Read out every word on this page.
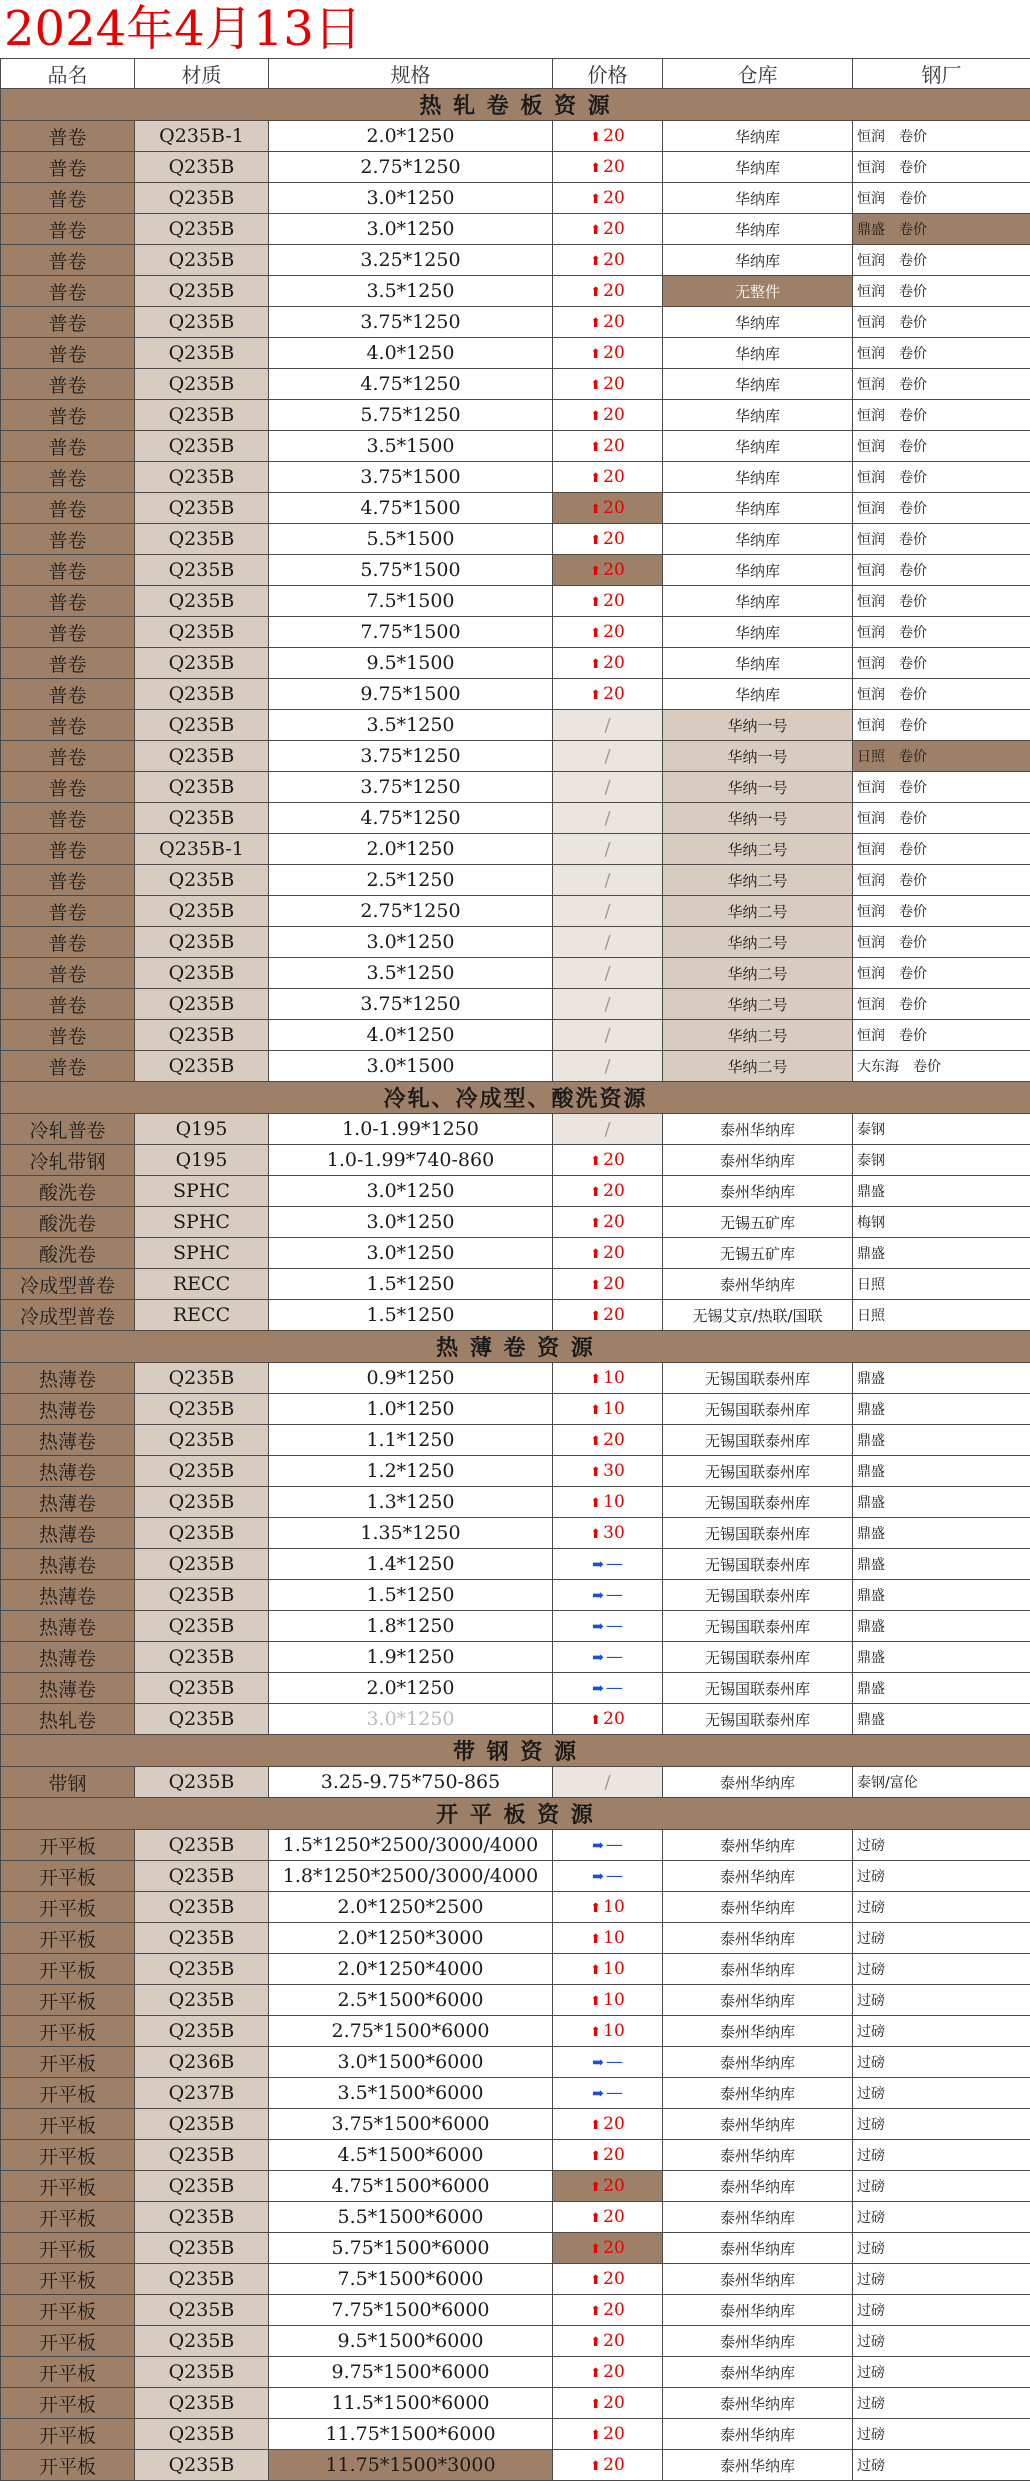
2024年4月13日
品名	材质	规格	价格	仓库	钢厂
热 轧 卷 板 资 源					
普卷	Q235B-1	2.0*1250	⬆ 20	华纳库	恒润 卷价
普卷	Q235B	2.75*1250	⬆ 20	华纳库	恒润 卷价
普卷	Q235B	3.0*1250	⬆ 20	华纳库	恒润 卷价
普卷	Q235B	3.0*1250	⬆ 20	华纳库	鼎盛 卷价
普卷	Q235B	3.25*1250	⬆ 20	华纳库	恒润 卷价
普卷	Q235B	3.5*1250	⬆ 20	无整件	恒润 卷价
普卷	Q235B	3.75*1250	⬆ 20	华纳库	恒润 卷价
普卷	Q235B	4.0*1250	⬆ 20	华纳库	恒润 卷价
普卷	Q235B	4.75*1250	⬆ 20	华纳库	恒润 卷价
普卷	Q235B	5.75*1250	⬆ 20	华纳库	恒润 卷价
普卷	Q235B	3.5*1500	⬆ 20	华纳库	恒润 卷价
普卷	Q235B	3.75*1500	⬆ 20	华纳库	恒润 卷价
普卷	Q235B	4.75*1500	⬆ 20	华纳库	恒润 卷价
普卷	Q235B	5.5*1500	⬆ 20	华纳库	恒润 卷价
普卷	Q235B	5.75*1500	⬆ 20	华纳库	恒润 卷价
普卷	Q235B	7.5*1500	⬆ 20	华纳库	恒润 卷价
普卷	Q235B	7.75*1500	⬆ 20	华纳库	恒润 卷价
普卷	Q235B	9.5*1500	⬆ 20	华纳库	恒润 卷价
普卷	Q235B	9.75*1500	⬆ 20	华纳库	恒润 卷价
普卷	Q235B	3.5*1250	/	华纳一号	恒润 卷价
普卷	Q235B	3.75*1250	/	华纳一号	日照 卷价
普卷	Q235B	3.75*1250	/	华纳一号	恒润 卷价
普卷	Q235B	4.75*1250	/	华纳一号	恒润 卷价
普卷	Q235B-1	2.0*1250	/	华纳二号	恒润 卷价
普卷	Q235B	2.5*1250	/	华纳二号	恒润 卷价
普卷	Q235B	2.75*1250	/	华纳二号	恒润 卷价
普卷	Q235B	3.0*1250	/	华纳二号	恒润 卷价
普卷	Q235B	3.5*1250	/	华纳二号	恒润 卷价
普卷	Q235B	3.75*1250	/	华纳二号	恒润 卷价
普卷	Q235B	4.0*1250	/	华纳二号	恒润 卷价
普卷	Q235B	3.0*1500	/	华纳二号	大东海 卷价
冷轧、冷成型、酸洗资源					
冷轧普卷	Q195	1.0-1.99*1250	/	泰州华纳库	泰钢
冷轧带钢	Q195	1.0-1.99*740-860	⬆ 20	泰州华纳库	泰钢
酸洗卷	SPHC	3.0*1250	⬆ 20	泰州华纳库	鼎盛
酸洗卷	SPHC	3.0*1250	⬆ 20	无锡五矿库	梅钢
酸洗卷	SPHC	3.0*1250	⬆ 20	无锡五矿库	鼎盛
冷成型普卷	RECC	1.5*1250	⬆ 20	泰州华纳库	日照
冷成型普卷	RECC	1.5*1250	⬆ 20	无锡艾京/热联/国联	日照
热 薄 卷 资 源					
热薄卷	Q235B	0.9*1250	⬆ 10	无锡国联泰州库	鼎盛
热薄卷	Q235B	1.0*1250	⬆ 10	无锡国联泰州库	鼎盛
热薄卷	Q235B	1.1*1250	⬆ 20	无锡国联泰州库	鼎盛
热薄卷	Q235B	1.2*1250	⬆ 30	无锡国联泰州库	鼎盛
热薄卷	Q235B	1.3*1250	⬆ 10	无锡国联泰州库	鼎盛
热薄卷	Q235B	1.35*1250	⬆ 30	无锡国联泰州库	鼎盛
热薄卷	Q235B	1.4*1250	➡ —	无锡国联泰州库	鼎盛
热薄卷	Q235B	1.5*1250	➡ —	无锡国联泰州库	鼎盛
热薄卷	Q235B	1.8*1250	➡ —	无锡国联泰州库	鼎盛
热薄卷	Q235B	1.9*1250	➡ —	无锡国联泰州库	鼎盛
热薄卷	Q235B	2.0*1250	➡ —	无锡国联泰州库	鼎盛
热轧卷	Q235B	3.0*1250	⬆ 20	无锡国联泰州库	鼎盛
带 钢 资 源					
带钢	Q235B	3.25-9.75*750-865	/	泰州华纳库	泰钢/富伦
开 平 板 资 源					
开平板	Q235B	1.5*1250*2500/3000/4000	➡ —	泰州华纳库	过磅
开平板	Q235B	1.8*1250*2500/3000/4000	➡ —	泰州华纳库	过磅
开平板	Q235B	2.0*1250*2500	⬆ 10	泰州华纳库	过磅
开平板	Q235B	2.0*1250*3000	⬆ 10	泰州华纳库	过磅
开平板	Q235B	2.0*1250*4000	⬆ 10	泰州华纳库	过磅
开平板	Q235B	2.5*1500*6000	⬆ 10	泰州华纳库	过磅
开平板	Q235B	2.75*1500*6000	⬆ 10	泰州华纳库	过磅
开平板	Q236B	3.0*1500*6000	➡ —	泰州华纳库	过磅
开平板	Q237B	3.5*1500*6000	➡ —	泰州华纳库	过磅
开平板	Q235B	3.75*1500*6000	⬆ 20	泰州华纳库	过磅
开平板	Q235B	4.5*1500*6000	⬆ 20	泰州华纳库	过磅
开平板	Q235B	4.75*1500*6000	⬆ 20	泰州华纳库	过磅
开平板	Q235B	5.5*1500*6000	⬆ 20	泰州华纳库	过磅
开平板	Q235B	5.75*1500*6000	⬆ 20	泰州华纳库	过磅
开平板	Q235B	7.5*1500*6000	⬆ 20	泰州华纳库	过磅
开平板	Q235B	7.75*1500*6000	⬆ 20	泰州华纳库	过磅
开平板	Q235B	9.5*1500*6000	⬆ 20	泰州华纳库	过磅
开平板	Q235B	9.75*1500*6000	⬆ 20	泰州华纳库	过磅
开平板	Q235B	11.5*1500*6000	⬆ 20	泰州华纳库	过磅
开平板	Q235B	11.75*1500*6000	⬆ 20	泰州华纳库	过磅
开平板	Q235B	11.75*1500*3000	⬆ 20	泰州华纳库	过磅
